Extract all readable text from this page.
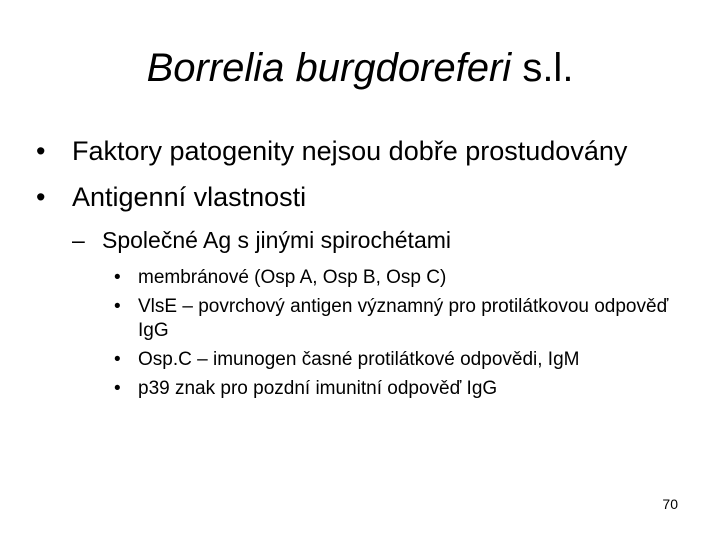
Borrelia burgdoreferi s.l.
• Faktory patogenity nejsou dobře prostudovány
• Antigenní vlastnosti
– Společné Ag s jinými spirochétami
• membránové (Osp A, Osp B, Osp C)
• VlsE – povrchový antigen významný pro protilátkovou odpověď IgG
• Osp.C – imunogen časné protilátkové odpovědi, IgM
• p39 znak pro pozdní imunitní odpověď IgG
70
